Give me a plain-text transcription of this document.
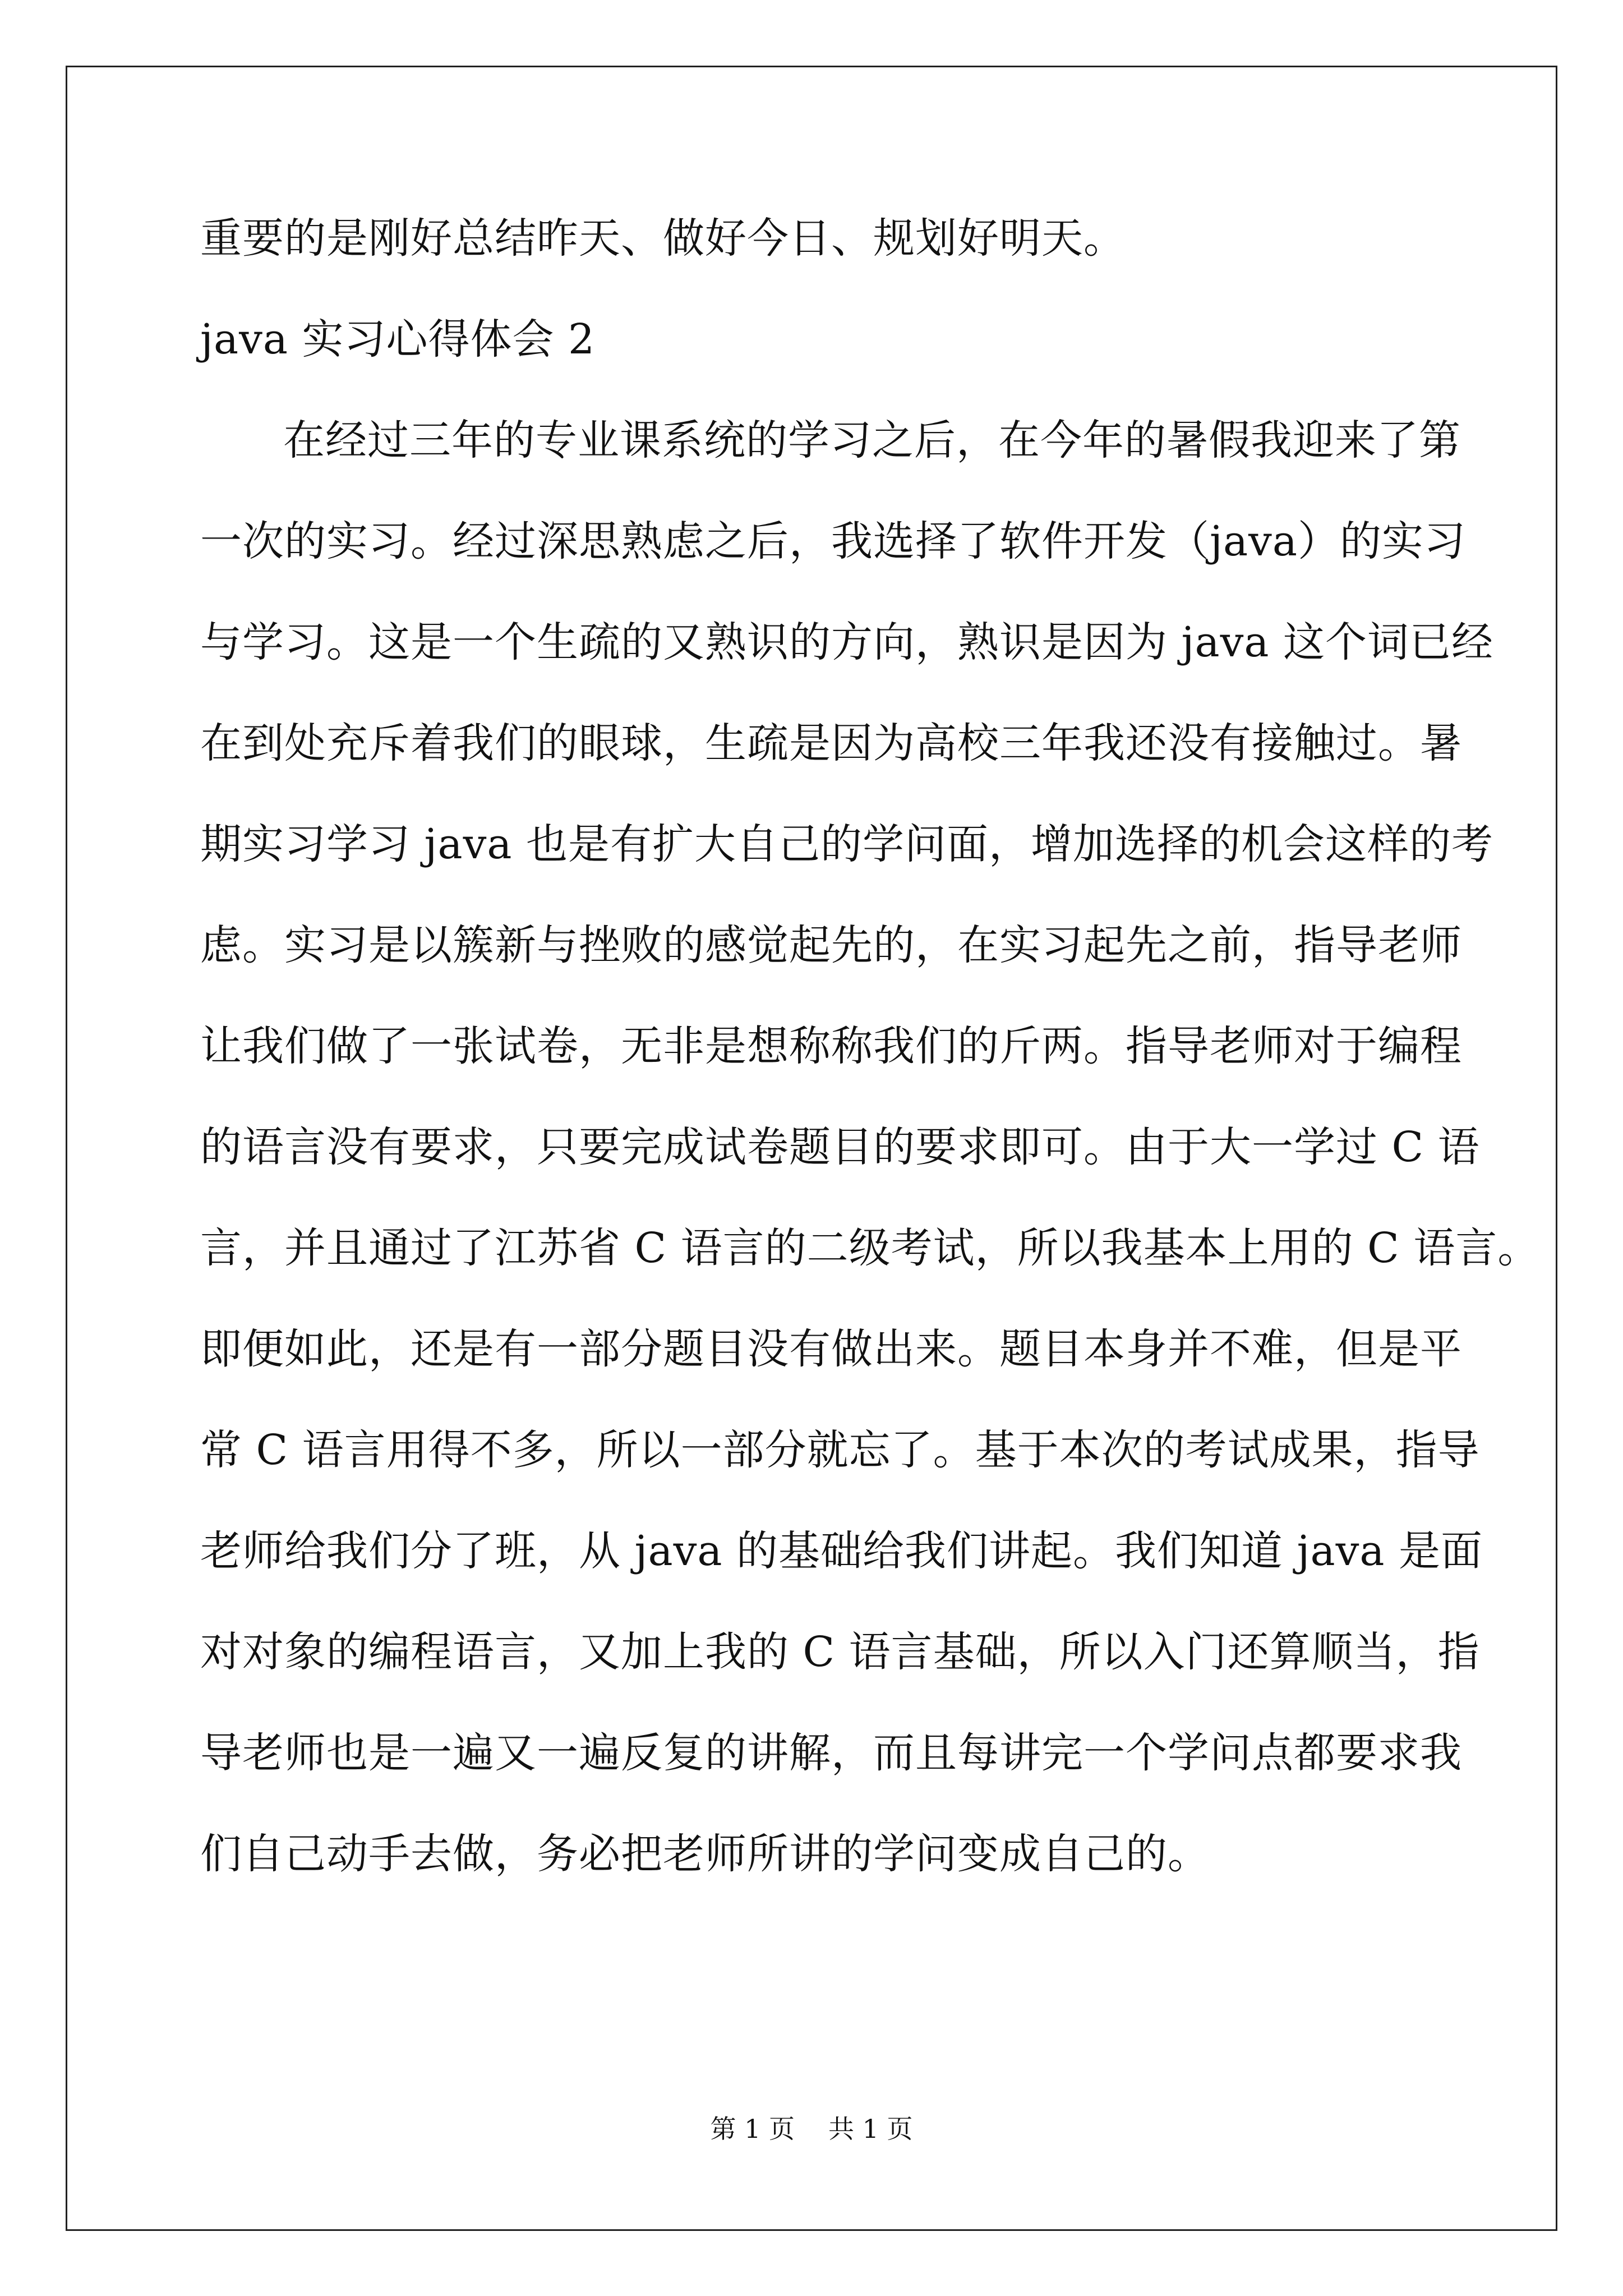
重要的是刚好总结昨天、做好今日、规划好明天。
java 实习心得体会 2
在经过三年的专业课系统的学习之后，在今年的暑假我迎来了第
一次的实习。经过深思熟虑之后，我选择了软件开发（java）的实习
与学习。这是一个生疏的又熟识的方向，熟识是因为 java 这个词已经
在到处充斥着我们的眼球，生疏是因为高校三年我还没有接触过。暑
期实习学习 java 也是有扩大自己的学问面，增加选择的机会这样的考
虑。实习是以簇新与挫败的感觉起先的，在实习起先之前，指导老师
让我们做了一张试卷，无非是想称称我们的斤两。指导老师对于编程
的语言没有要求，只要完成试卷题目的要求即可。由于大一学过 C 语
言，并且通过了江苏省 C 语言的二级考试，所以我基本上用的 C 语言。
即便如此，还是有一部分题目没有做出来。题目本身并不难，但是平
常 C 语言用得不多，所以一部分就忘了。基于本次的考试成果，指导
老师给我们分了班，从 java 的基础给我们讲起。我们知道 java 是面
对对象的编程语言，又加上我的 C 语言基础，所以入门还算顺当，指
导老师也是一遍又一遍反复的讲解，而且每讲完一个学问点都要求我
们自己动手去做，务必把老师所讲的学问变成自己的。
第 1 页 共 1 页
